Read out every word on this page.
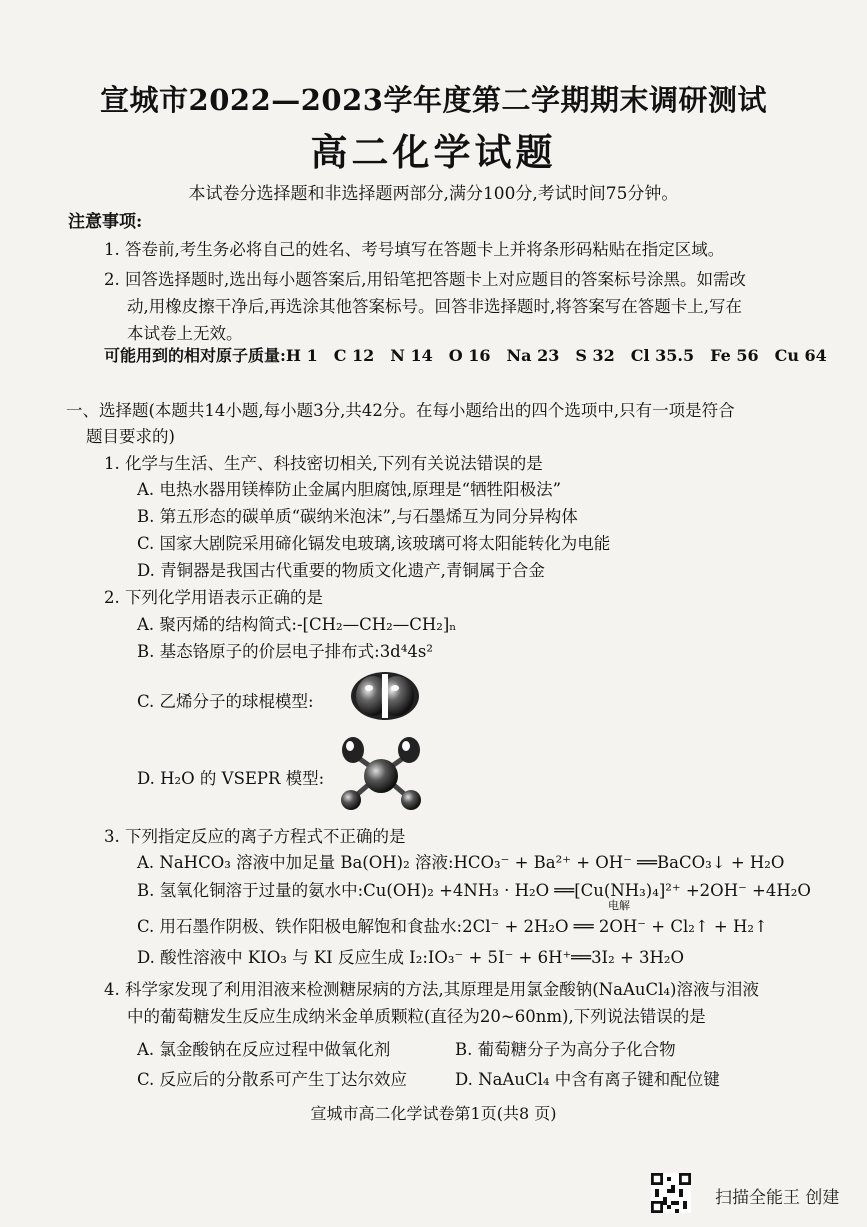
宣城市2022—2023学年度第二学期期末调研测试
高二化学试题
本试卷分选择题和非选择题两部分,满分100分,考试时间75分钟。
注意事项:
1. 答卷前,考生务必将自己的姓名、考号填写在答题卡上并将条形码粘贴在指定区域。
2. 回答选择题时,选出每小题答案后,用铅笔把答题卡上对应题目的答案标号涂黑。如需改
动,用橡皮擦干净后,再选涂其他答案标号。回答非选择题时,将答案写在答题卡上,写在
本试卷上无效。
可能用到的相对原子质量:H 1　C 12　N 14　O 16　Na 23　S 32　Cl 35.5　Fe 56　Cu 64
一、选择题(本题共14小题,每小题3分,共42分。在每小题给出的四个选项中,只有一项是符合
题目要求的)
1. 化学与生活、生产、科技密切相关,下列有关说法错误的是
A. 电热水器用镁棒防止金属内胆腐蚀,原理是“牺牲阳极法”
B. 第五形态的碳单质“碳纳米泡沫”,与石墨烯互为同分异构体
C. 国家大剧院采用碲化镉发电玻璃,该玻璃可将太阳能转化为电能
D. 青铜器是我国古代重要的物质文化遗产,青铜属于合金
2. 下列化学用语表示正确的是
A. 聚丙烯的结构简式:-[CH₂—CH₂—CH₂]ₙ
B. 基态铬原子的价层电子排布式:3d⁴4s²
C. 乙烯分子的球棍模型:
D. H₂O 的 VSEPR 模型:
3. 下列指定反应的离子方程式不正确的是
A. NaHCO₃ 溶液中加足量 Ba(OH)₂ 溶液:HCO₃⁻ + Ba²⁺ + OH⁻ ══BaCO₃↓ + H₂O
B. 氢氧化铜溶于过量的氨水中:Cu(OH)₂ +4NH₃ · H₂O ══[Cu(NH₃)₄]²⁺ +2OH⁻ +4H₂O
电解
C. 用石墨作阴极、铁作阳极电解饱和食盐水:2Cl⁻ + 2H₂O ══ 2OH⁻ + Cl₂↑ + H₂↑
D. 酸性溶液中 KIO₃ 与 KI 反应生成 I₂:IO₃⁻ + 5I⁻ + 6H⁺══3I₂ + 3H₂O
4. 科学家发现了利用泪液来检测糖尿病的方法,其原理是用氯金酸钠(NaAuCl₄)溶液与泪液
中的葡萄糖发生反应生成纳米金单质颗粒(直径为20~60nm),下列说法错误的是
A. 氯金酸钠在反应过程中做氧化剂	B. 葡萄糖分子为高分子化合物
C. 反应后的分散系可产生丁达尔效应	D. NaAuCl₄ 中含有离子键和配位键
宣城市高二化学试卷第1页(共8 页)
扫描全能王 创建
